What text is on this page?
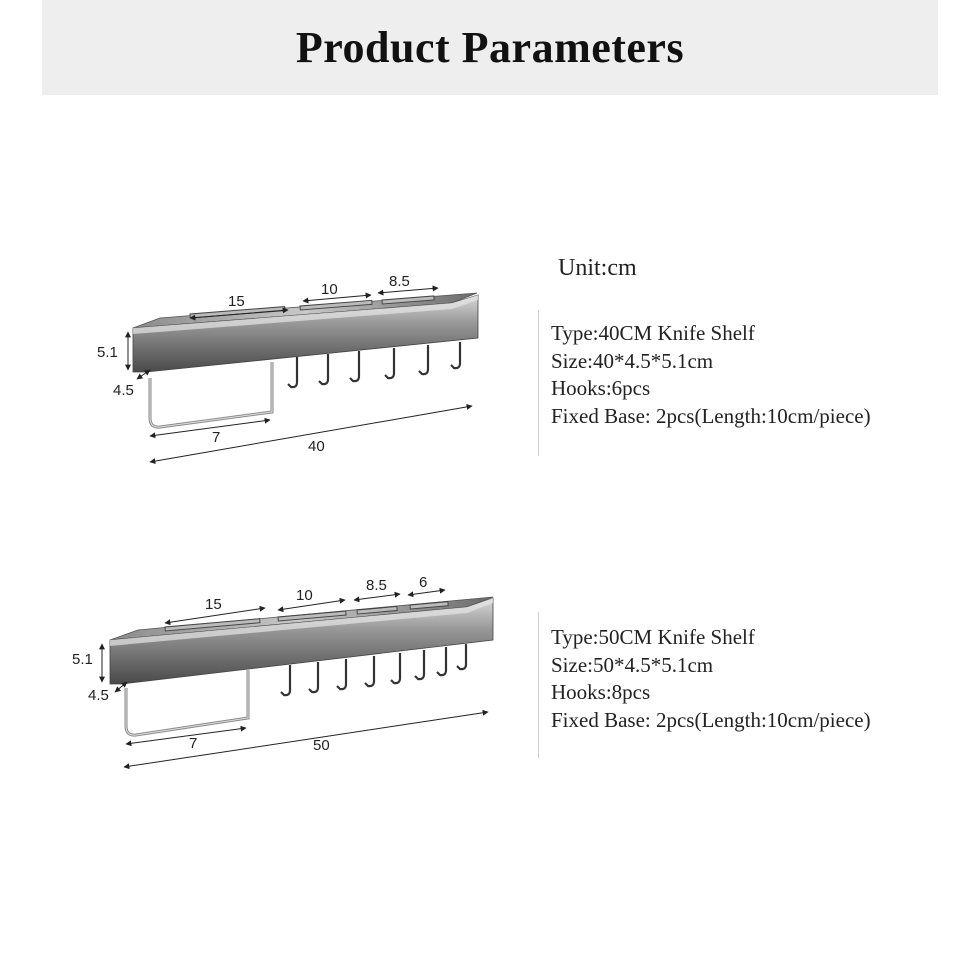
Product Parameters
Unit:cm
15
10	8.5
5.1
4.5
7
40
15
10
8.5 6
5.1
4.5
7	50
Type:40CM Knife Shelf
Size:40*4.5*5.1cm
Hooks:6pcs
Fixed Base: 2pcs(Length:10cm/piece)
Type:50CM Knife Shelf
Size:50*4.5*5.1cm
Hooks:8pcs
Fixed Base: 2pcs(Length:10cm/piece)
